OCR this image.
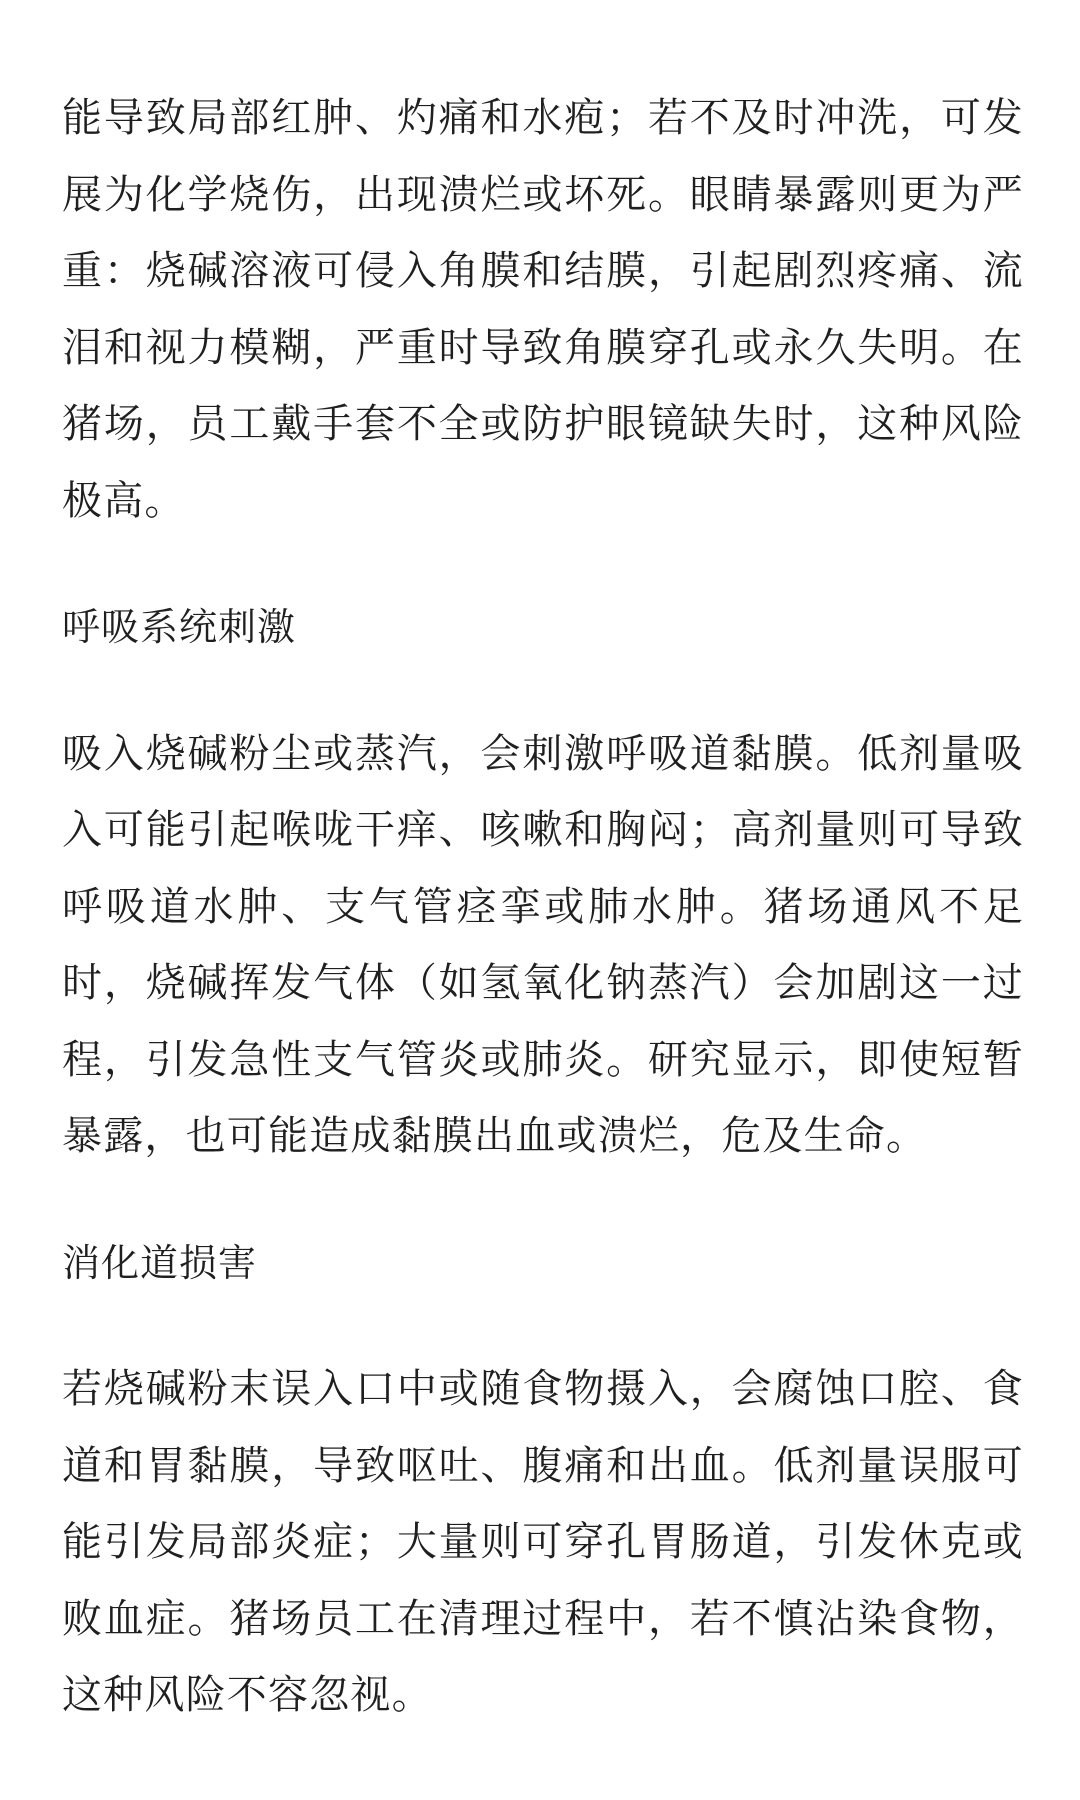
能导致局部红肿、灼痛和水疱；若不及时冲洗，可发展为化学烧伤，出现溃烂或坏死。眼睛暴露则更为严重：烧碱溶液可侵入角膜和结膜，引起剧烈疼痛、流泪和视力模糊，严重时导致角膜穿孔或永久失明。在猪场，员工戴手套不全或防护眼镜缺失时，这种风险极高。

呼吸系统刺激

吸入烧碱粉尘或蒸汽，会刺激呼吸道黏膜。低剂量吸入可能引起喉咙干痒、咳嗽和胸闷；高剂量则可导致呼吸道水肿、支气管痉挛或肺水肿。猪场通风不足时，烧碱挥发气体（如氢氧化钠蒸汽）会加剧这一过程，引发急性支气管炎或肺炎。研究显示，即使短暂暴露，也可能造成黏膜出血或溃烂，危及生命。

消化道损害

若烧碱粉末误入口中或随食物摄入，会腐蚀口腔、食道和胃黏膜，导致呕吐、腹痛和出血。低剂量误服可能引发局部炎症；大量则可穿孔胃肠道，引发休克或败血症。猪场员工在清理过程中，若不慎沾染食物，这种风险不容忽视。
